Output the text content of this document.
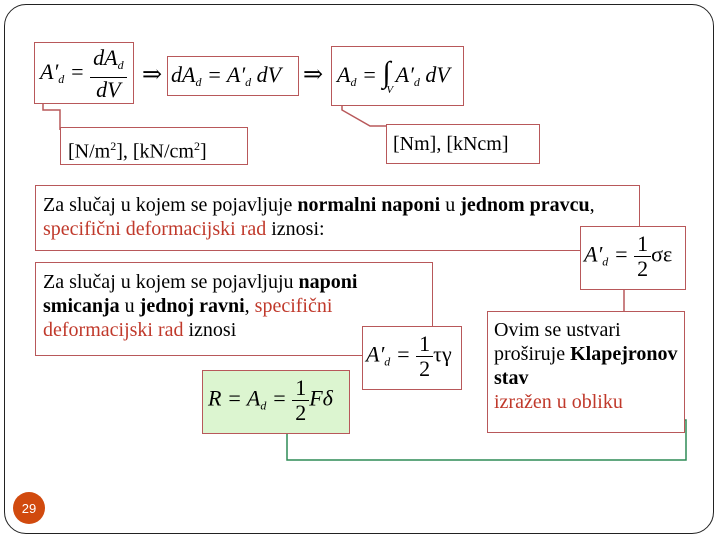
$A'_d = \frac{dA_d}{dV}$ ⇒ $dA_d = A'_d$ dV ⇒ $A_d$ = ∫
V
$A'_d$ dV
$[N/m^2]$, $[kN/cm^2]$	[Nm], [kNcm]
Za slučaj u kojem se pojavljuje normalni naponi u jednom pravcu, specifični deformacijski rad iznosi:
$A'_d = \frac{1}{2}$ σε
Za slučaj u kojem se pojavljuju naponi smicanja u jednoj ravni, specifični deformacijski rad iznosi
$A'_d = \frac{1}{2}$ τγ
$R = A_d = \frac{1}{2}$ Fδ
Ovim se ustvari proširuje Klapejronov stav
izražen u obliku
29
